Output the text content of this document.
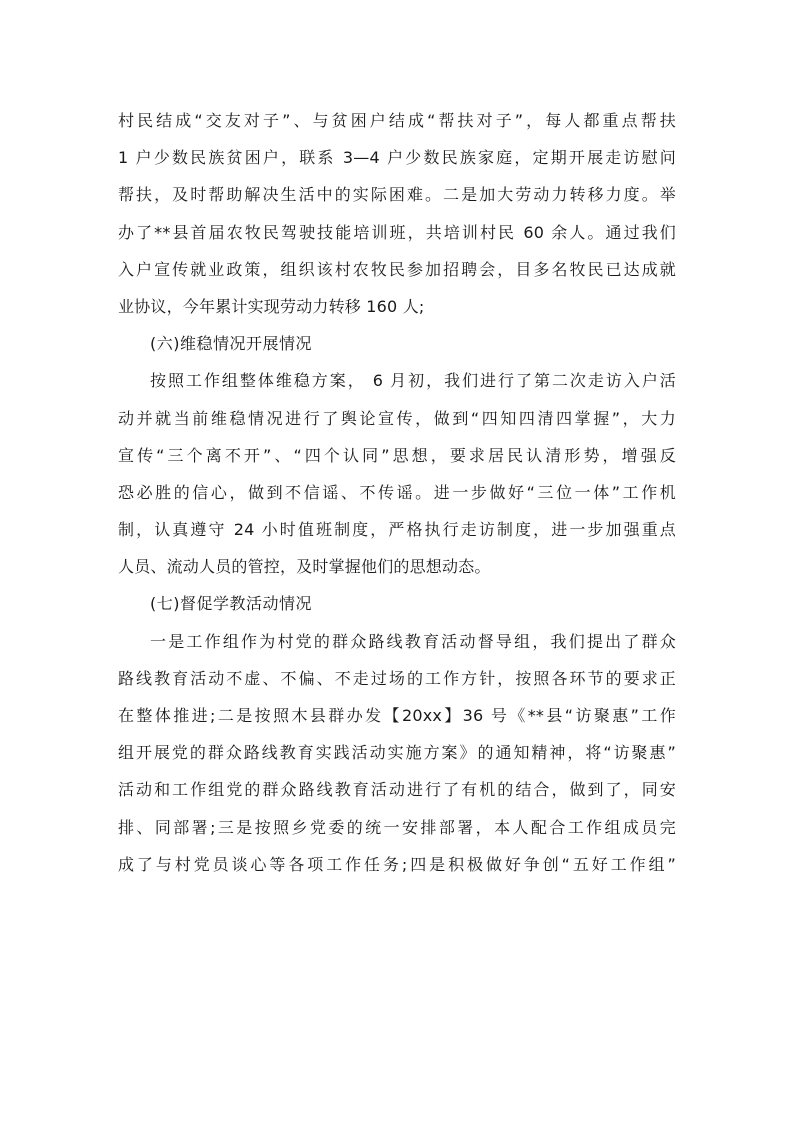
村民结成“交友对子”、与贫困户结成“帮扶对子”，每人都重点帮扶
1 户少数民族贫困户，联系 3—4 户少数民族家庭，定期开展走访慰问
帮扶，及时帮助解决生活中的实际困难。二是加大劳动力转移力度。举
办了**县首届农牧民驾驶技能培训班，共培训村民 60 余人。通过我们
入户宣传就业政策，组织该村农牧民参加招聘会，目多名牧民已达成就
业协议，今年累计实现劳动力转移 160 人;
(六)维稳情况开展情况
按照工作组整体维稳方案， 6 月初，我们进行了第二次走访入户活
动并就当前维稳情况进行了舆论宣传，做到“四知四清四掌握”，大力
宣传“三个离不开”、“四个认同”思想，要求居民认清形势，增强反
恐必胜的信心，做到不信谣、不传谣。进一步做好“三位一体”工作机
制，认真遵守 24 小时值班制度，严格执行走访制度，进一步加强重点
人员、流动人员的管控，及时掌握他们的思想动态。
(七)督促学教活动情况
一是工作组作为村党的群众路线教育活动督导组，我们提出了群众
路线教育活动不虚、不偏、不走过场的工作方针，按照各环节的要求正
在整体推进;二是按照木县群办发【20xx】36 号《**县“访聚惠”工作
组开展党的群众路线教育实践活动实施方案》的通知精神，将“访聚惠”
活动和工作组党的群众路线教育活动进行了有机的结合，做到了，同安
排、同部署;三是按照乡党委的统一安排部署，本人配合工作组成员完
成了与村党员谈心等各项工作任务;四是积极做好争创“五好工作组”
